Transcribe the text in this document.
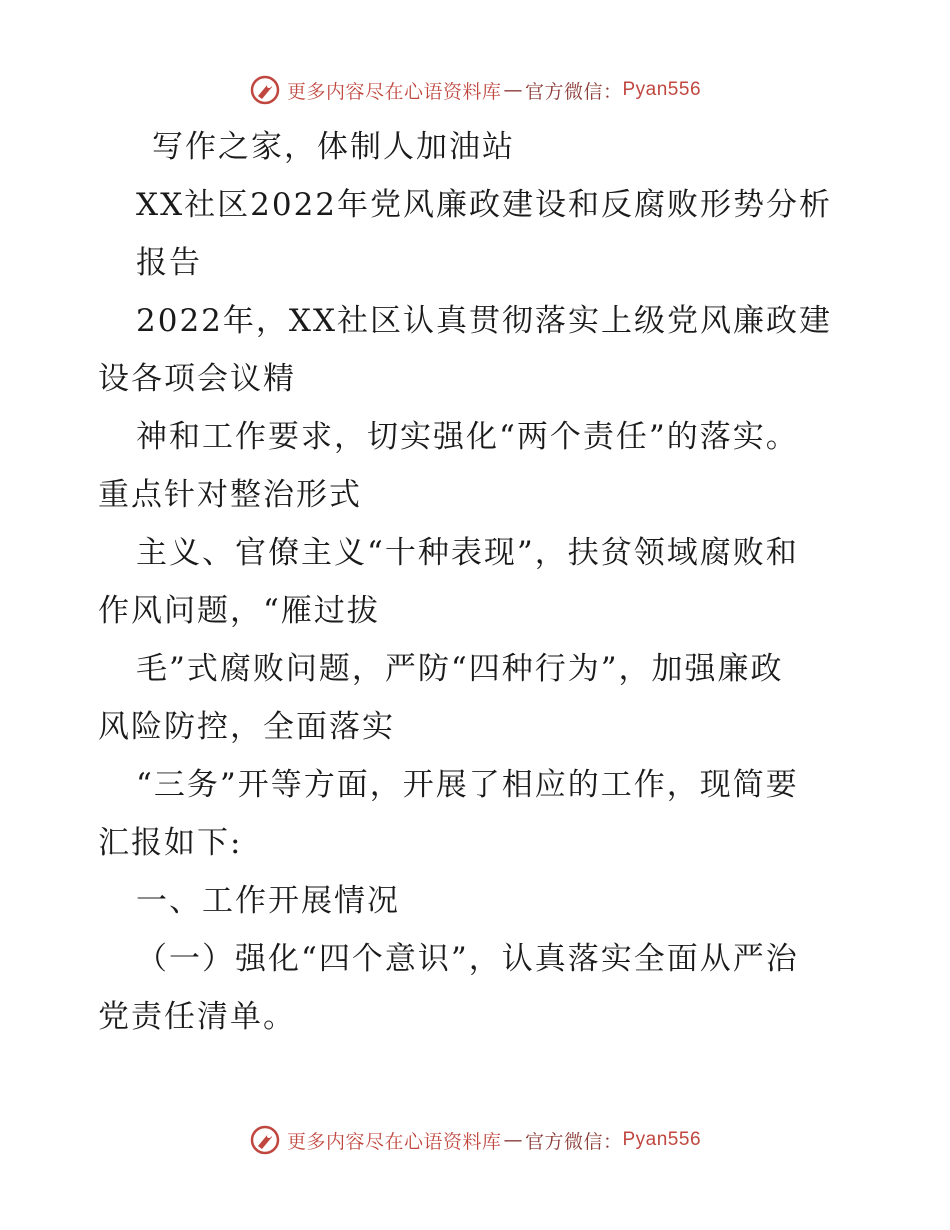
更多内容尽在心语资料库 — 官方微信： Pyan556
写作之家，体制人加油站
XX社区2022年党风廉政建设和反腐败形势分析
报告
2022年，XX社区认真贯彻落实上级党风廉政建
设各项会议精
神和工作要求，切实强化“两个责任”的落实。
重点针对整治形式
主义、官僚主义“十种表现”，扶贫领域腐败和
作风问题，“雁过拔
毛”式腐败问题，严防“四种行为”，加强廉政
风险防控，全面落实
“三务”开等方面，开展了相应的工作，现简要
汇报如下:
一、工作开展情况
（一）强化“四个意识”，认真落实全面从严治
党责任清单。
更多内容尽在心语资料库 — 官方微信： Pyan556
